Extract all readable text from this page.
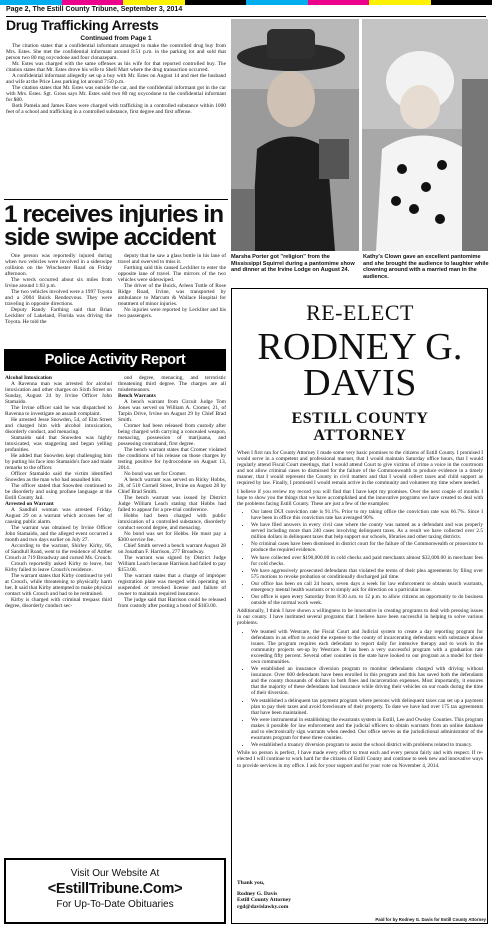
Page 2, The Estill County Tribune, September 3, 2014
Drug Trafficking Arrests
Continued from Page 1

The citation states that a confidential informant arranged to make the controlled drug buy from Mrs. Estes. She met the confidential informant around 8:51 p.m. in the parking lot and sold that person two 80 mg oxycodone and four clonazepam.

Mr. Estes was charged with the same offenses as his wife for that reported controlled buy. The citation states that Mr. Estes drove his wife to Shell Mart where the drug transaction occurred.

A confidential informant allegedly set up a buy with Mr. Estes on August 14 and met the husband and wife at the Price Less parking lot around 7:50 p.m.

The citation states that Mr. Estes was outside the car, and the confidential informant got in the car with Mrs. Estes. Sgt. Gross says Mr. Estes sold two 80 mg oxycodone to the confidential informant for $80.

Both Pamela and James Estes were charged with trafficking in a controlled substance within 1000 feet of a school and trafficking in a controlled substance, first degree and first offense.

1 receives injuries in side swipe accident

One person was reportedly injured during when two vehicles were involved in a sideswipe collision on the Winchester Road on Friday afternoon.

The wreck occurred about six miles from Irvine around 1:03 p.m.

The two vehicles involved were a 1997 Toyota and a 2004 Buick Rendezvous. They were traveling in opposite directions.

Deputy Randy Farthing said that Brian Leckliter of Lakeland, Florida was driving the Toyota. He told the

deputy that he saw a glass bottle in his lane of travel and swerved to miss it.

Farthing said this caused Leckliter to enter the opposite lane of travel. The mirrors of the two vehicles were sideswiped.

The driver of the Buick, Arleen Tuttle of Rose Ridge Road, Irvine, was transported by ambulance to Marcum & Wallace Hospital for treatment of minor injuries.

No injuries were reported by Leckliter and his two passengers.

Police Activity Report

Alcohol Intoxication

A Ravenna man was arrested for alcohol intoxication and other charges on Sixth Street on Sunday, August 24 by Irvine Officer John Stamaido.

The Irvine officer said he was dispatched to Ravenna to investigate an assault complaint.

He arrested Jesse Snowden, 54, of Elm Street and charged him with alcohol intoxication, disorderly conduct, and menacing.

Stamaido said that Snowden was highly intoxicated, was staggering and began yelling profanities.

He added that Snowden kept challenging him by putting his face into Stamaido's face and made remarks to the officer.

Officer Stamaido said the victim identified Snowden as the man who had assaulted him.

The officer stated that Snowden continued to be disorderly and using profane language at the Estill County Jail.

Arrested on Warrant

A Sandlull woman was arrested Friday, August 29 on a warrant which accuses her of causing public alarm.

The warrant was obtained by Irvine Officer John Stamaido, and the alleged event occurred a month and two days earlier on July 27.

According to the warrant, Shirley Kirby, 66, of Sandlull Road, went to the residence of Amber Crouch at 719 Broadway and cursed Ms. Crouch.

Crouch reportedly asked Kirby to leave, but Kirby failed to leave Crouch's residence.

The warrant states that Kirby continued to yell at Crouch, while threatening to physically harm her. It said that Kirby attempted to make physical contact with Crouch and had to be restrained.

Kirby is charged with criminal trespass third degree, disorderly conduct sec-

ond degree, menacing, and terroristic threatening third degree. The charges are all misdemeanors.

Bench Warrants

A bench warrant from Circuit Judge Tom Jones was served on William A. Cromer, 21, of Tarpin Drive, Irvine on August 29 by Chief Brad Smith.

Cromer had been released from custody after being charged with carrying a concealed weapon, menacing, possession of marijuana, and possessing contraband, first degree.

The bench warrant states that Cromer violated the conditions of his release on those charges by testing positive for hydrocodone on August 13, 2014.

No bond was set for Cromer.

A bench warrant was served on Ricky Hobbs, 28, of 510 Cornell Street, Irvine on August 28 by Chief Brad Smith.

The bench warrant was issued by District Judge William Leach stating that Hobbs had failed to appear for a pre-trial conference.

Hobbs had been charged with public intoxication of a controlled substance, disorderly conduct second degree, and menacing.

No bond was set for Hobbs. He must pay a $300 service fee.

Chief Smith served a bench warrant August 28 on Jonathan F. Harrison, 277 Broadway.

The warrant was signed by District Judge William Leach because Harrison had failed to pay $153.00.

The warrant states that a charge of improper registration plate was merged with operating on suspended or revoked license and failure of owner to maintain required insurance.

The judge said that Harrison could be released from custody after posting a bond of $183.00.

Visit Our Website At
<EstillTribune.Com>
For Up-To-Date Obituaries
Marsha Porter got "religion" from the Mississippi Squirrel during a pantomime show and dinner at the Irvine Lodge on August 24.
Kathy's Clown gave an excellent pantomime and she brought the audience to laughter while clowning around with a married man in the audience.
RE-ELECT
RODNEY G.
DAVIS
ESTILL COUNTY
ATTORNEY

When I first ran for County Attorney I made some very basic promises to the citizens of Estill County. I promised I would serve in a competent and professional manner, that I would maintain Saturday office hours, that I would regularly attend Fiscal Court meetings, that I would attend Court to give victims of crime a voice in the courtroom and not allow criminal cases to dismissed for the failure of the Commonwealth to produce evidence in a timely manner, that I would represent the County in civil matters and that I would collect taxes and child support as required by law. Finally, I promised I would remain active in the community and volunteer my time where needed.

I believe if you review my record you will find that I have kept my promises. Over the next couple of months I hope to show you the things that we have accomplished and the innovative programs we have created to deal with the problems facing Estill County. These are just a few of the examples:

• Our latest DUI conviction rate is 91.1%. Prior to my taking office the conviction rate was 66.7%. Since I have been in office this conviction rate has averaged 90%.
• We have filed answers in every civil case where the county was named as a defendant and was properly served including more than 240 cases involving delinquent taxes. As a result we have collected over 2.5 million dollars in delinquent taxes that help support our schools, libraries and other taxing districts.
• No criminal cases have been dismissed in district court for the failure of the Commonwealth or prosecutor to produce the required evidence.
• We have collected over $190,000.00 in cold checks and paid merchants almost $32,000.00 in merchant fees for cold checks.
• We have aggressively prosecuted defendants that violated the terms of their plea agreements by filing over 575 motions to revoke probation or conditionally discharged jail time.
• Our office has been on call 24 hours, seven days a week for law enforcement to obtain search warrants, emergency mental health warrants or to simply ask for direction on a particular issue.
• Our office is open every Saturday from 8:30 a.m. to 12 p.m. to allow citizens an opportunity to do business outside of the normal work week.

Additionally, I think I have shown a willingness to be innovative in creating programs to deal with pressing issues in our county. I have instituted several programs that I believe have been successful in helping to solve various problems.

• We teamed with Westcare, the Fiscal Court and Judicial system to create a day reporting program for defendants in an effort to avoid the expense to the county of incarcerating defendants with substance abuse issues. The program requires each defendant to report daily for intensive therapy and to work in the community projects set-up by Westcare. It has been a very successful program with a graduation rate exceeding fifty percent. Several other counties in the state have looked to our program as a model for their own communities.
• We established an insurance diversion program to monitor defendants charged with driving without insurance. Over 600 defendants have been enrolled in this program and this has saved both the defendants and the county thousands of dollars in both fines and incarceration expenses. Most importantly, it ensures that the majority of these defendants had insurance while driving their vehicles on our roads during the time of their diversion.
• We established a delinquent tax payment program where persons with delinquent taxes can set up a payment plan to pay their taxes and avoid foreclosure of their property. To date we have had over 175 tax agreements that have been maintained.
• We were instrumental in establishing the ewarrants system in Estill, Lee and Owsley Counties. This program makes it possible for law enforcement and the judicial officers to obtain warrants from an online database and to electronically sign warrants when needed. Our office serves as the jurisdictional administrator of the ewarrants program for these three counties.
• We established a truancy diversion program to assist the school district with problems related to truancy.

While no person is perfect, I have made every effort to treat each and every person fairly and with respect. If re-elected I will continue to work hard for the citizens of Estill County and continue to seek new and innovative ways to provide services in my office. I ask for your support and for your vote on November 4, 2014.

Thank you,
Rodney G. Davis
Estill County Attorney
rgd@davislawky.com
Paid for by Rodney G. Davis for Estill County Attorney
